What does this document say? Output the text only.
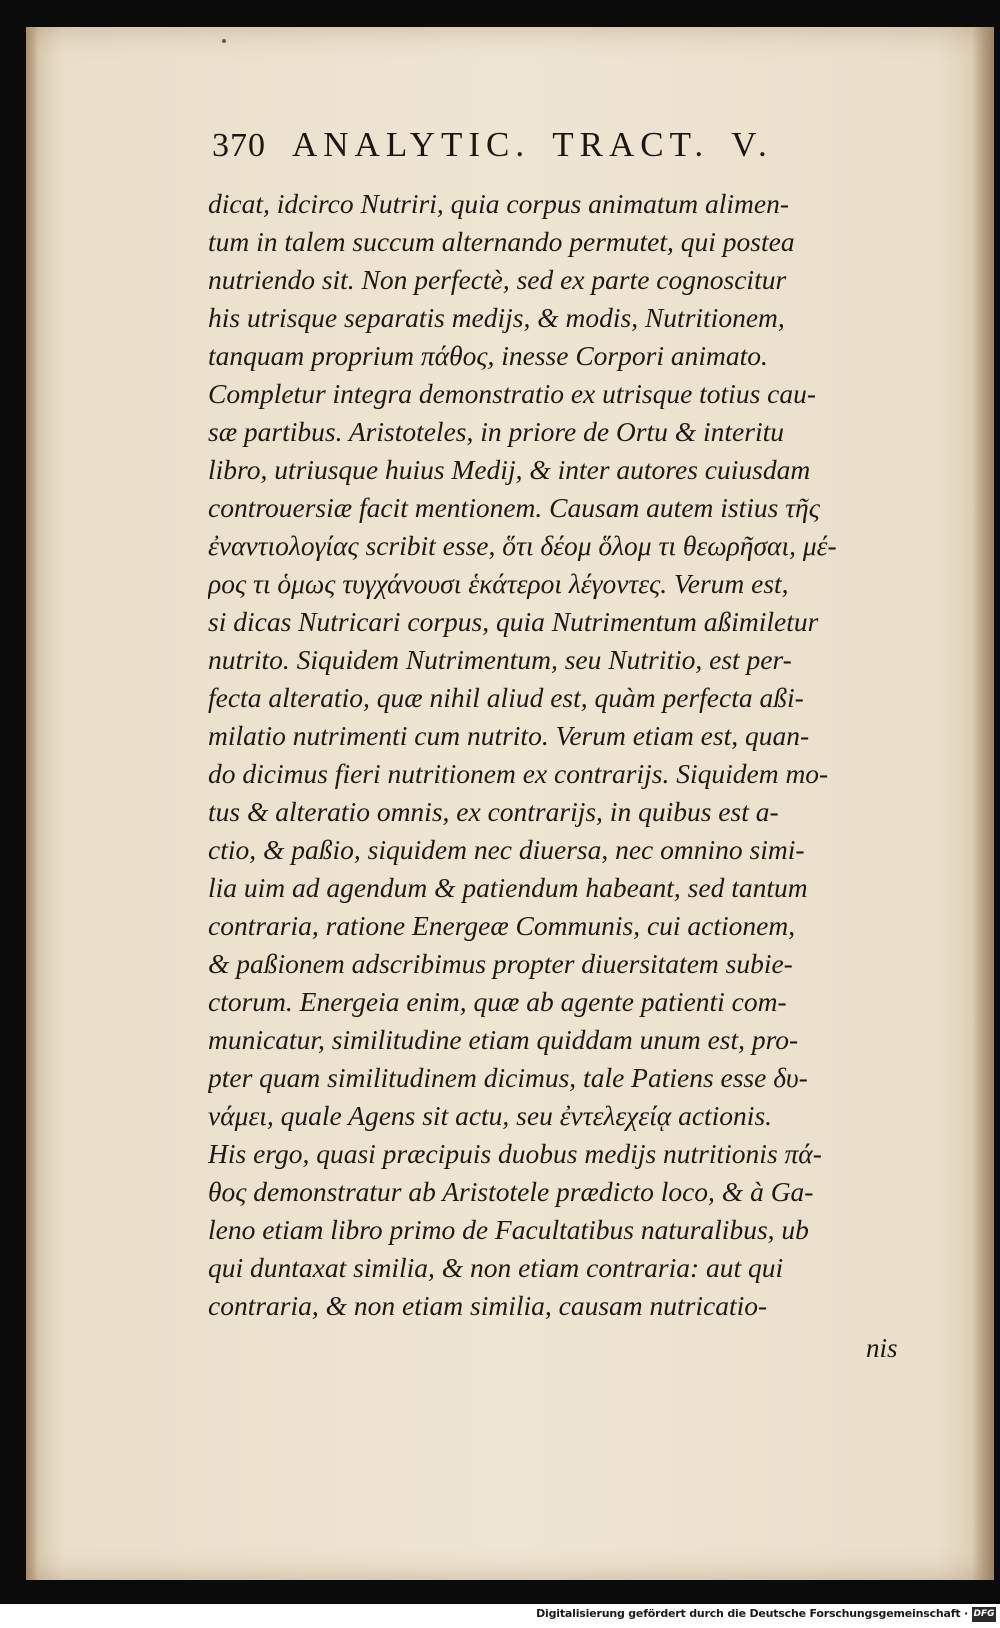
370 ANALYTIC. TRACT. V.
dicat, idcirco Nutriri, quia corpus animatum alimen-
tum in talem succum alternando permutet, qui postea
nutriendo sit. Non perfectè, sed ex parte cognoscitur
his utrisque separatis medijs, & modis, Nutritionem,
tanquam proprium πάθος, inesse Corpori animato.
Completur integra demonstratio ex utrisque totius cau-
sæ partibus. Aristoteles, in priore de Ortu & interitu
libro, utriusque huius Medij, & inter autores cuiusdam
controuersiæ facit mentionem. Causam autem istius τῆς
ἐναντιολογίας scribit esse, ὅτι δέομ ὅλομ τι θεωρῆσαι, μέ-
ρος τι ὁμως τυγχάνουσι ἑκάτεροι λέγοντες. Verum est,
si dicas Nutricari corpus, quia Nutrimentum aßimiletur
nutrito. Siquidem Nutrimentum, seu Nutritio, est per-
fecta alteratio, quæ nihil aliud est, quàm perfecta aßi-
milatio nutrimenti cum nutrito. Verum etiam est, quan-
do dicimus fieri nutritionem ex contrarijs. Siquidem mo-
tus & alteratio omnis, ex contrarijs, in quibus est a-
ctio, & paßio, siquidem nec diuersa, nec omnino simi-
lia uim ad agendum & patiendum habeant, sed tantum
contraria, ratione Energeæ Communis, cui actionem,
& paßionem adscribimus propter diuersitatem subie-
ctorum. Energeia enim, quæ ab agente patienti com-
municatur, similitudine etiam quiddam unum est, pro-
pter quam similitudinem dicimus, tale Patiens esse δυ-
νάμει, quale Agens sit actu, seu ἐντελεχείᾳ actionis.
His ergo, quasi præcipuis duobus medijs nutritionis πά-
θος demonstratur ab Aristotele prædicto loco, & à Ga-
leno etiam libro primo de Facultatibus naturalibus, ub
qui duntaxat similia, & non etiam contraria: aut qui
contraria, & non etiam similia, causam nutricatio-
nis
Digitalisierung gefördert durch die Deutsche Forschungsgemeinschaft · DFG
